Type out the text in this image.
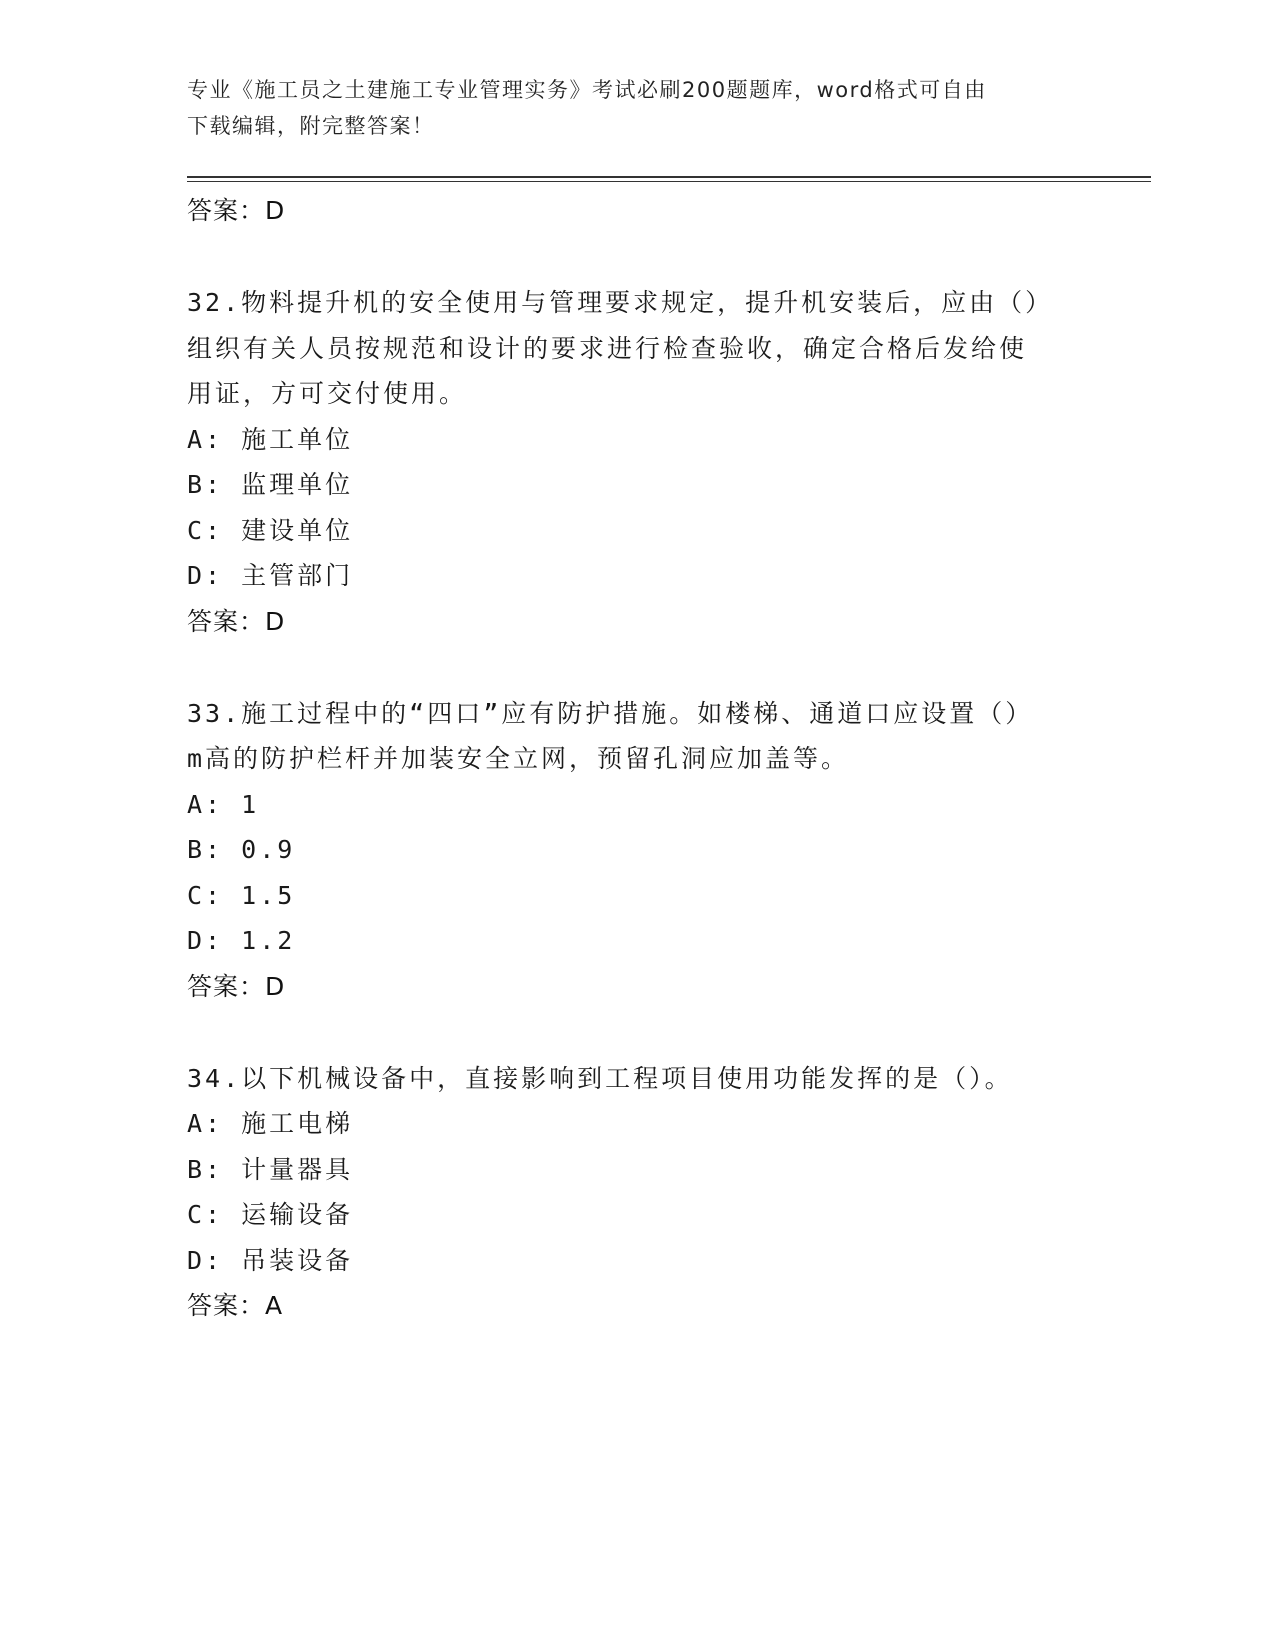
专业《施工员之土建施工专业管理实务》考试必刷200题题库，word格式可自由
下载编辑，附完整答案！
答案：D
32.物料提升机的安全使用与管理要求规定，提升机安装后，应由（）
组织有关人员按规范和设计的要求进行检查验收，确定合格后发给使
用证，方可交付使用。
A: 施工单位
B: 监理单位
C: 建设单位
D: 主管部门
答案：D
33.施工过程中的“四口”应有防护措施。如楼梯、通道口应设置（）
m高的防护栏杆并加装安全立网，预留孔洞应加盖等。
A: 1
B: 0.9
C: 1.5
D: 1.2
答案：D
34.以下机械设备中，直接影响到工程项目使用功能发挥的是（）。
A: 施工电梯
B: 计量器具
C: 运输设备
D: 吊装设备
答案：A
